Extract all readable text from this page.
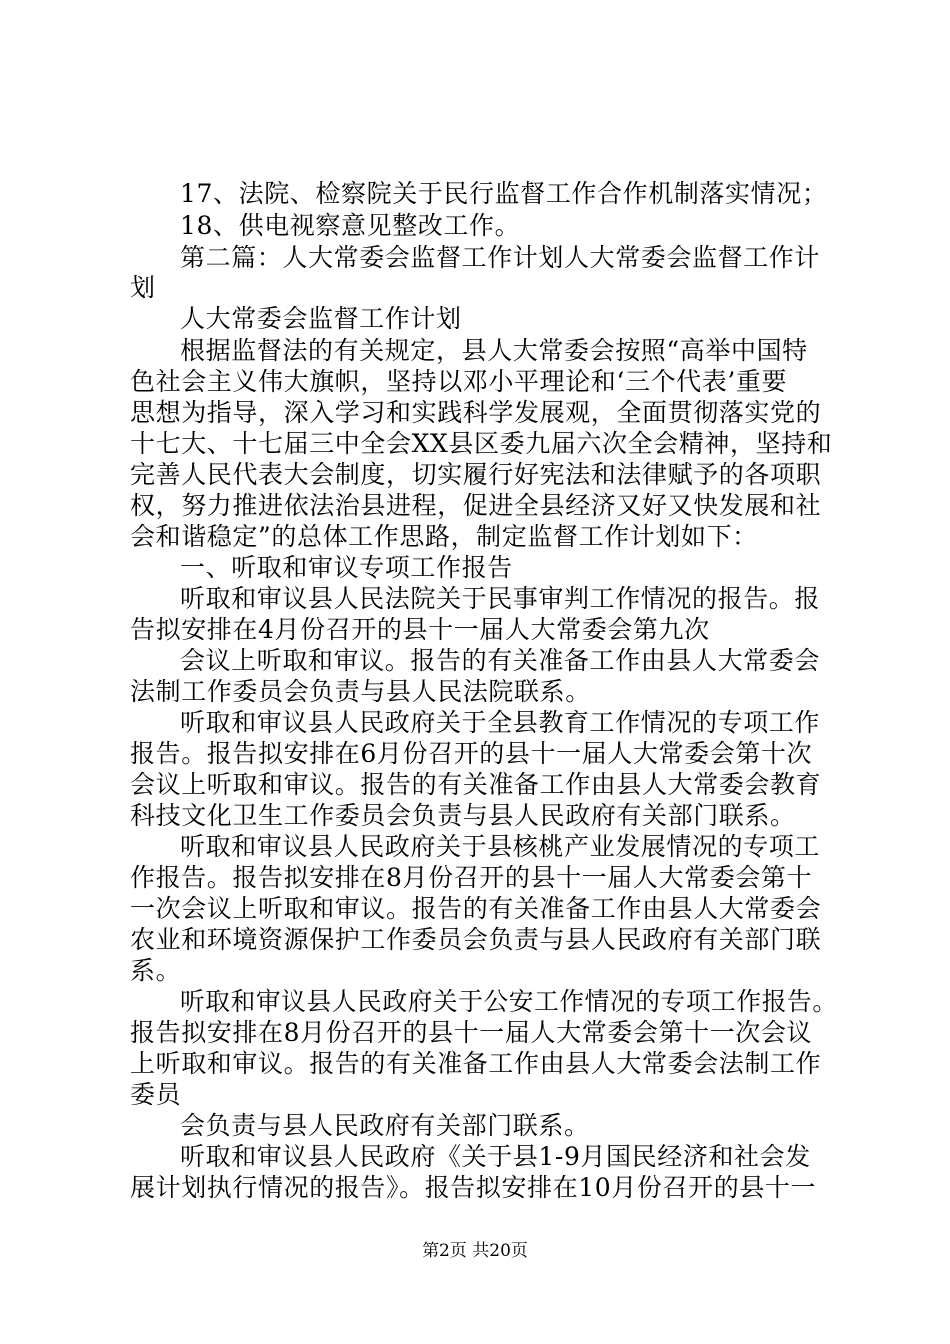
17、法院、检察院关于民行监督工作合作机制落实情况；
18、供电视察意见整改工作。
第二篇：人大常委会监督工作计划人大常委会监督工作计
划
人大常委会监督工作计划
根据监督法的有关规定，县人大常委会按照“高举中国特
色社会主义伟大旗帜，坚持以邓小平理论和‘三个代表’重要
思想为指导，深入学习和实践科学发展观，全面贯彻落实党的
十七大、十七届三中全会XX县区委九届六次全会精神，坚持和
完善人民代表大会制度，切实履行好宪法和法律赋予的各项职
权，努力推进依法治县进程，促进全县经济又好又快发展和社
会和谐稳定”的总体工作思路，制定监督工作计划如下：
一、听取和审议专项工作报告
听取和审议县人民法院关于民事审判工作情况的报告。报
告拟安排在4月份召开的县十一届人大常委会第九次
会议上听取和审议。报告的有关准备工作由县人大常委会
法制工作委员会负责与县人民法院联系。
听取和审议县人民政府关于全县教育工作情况的专项工作
报告。报告拟安排在6月份召开的县十一届人大常委会第十次
会议上听取和审议。报告的有关准备工作由县人大常委会教育
科技文化卫生工作委员会负责与县人民政府有关部门联系。
听取和审议县人民政府关于县核桃产业发展情况的专项工
作报告。报告拟安排在8月份召开的县十一届人大常委会第十
一次会议上听取和审议。报告的有关准备工作由县人大常委会
农业和环境资源保护工作委员会负责与县人民政府有关部门联
系。
听取和审议县人民政府关于公安工作情况的专项工作报告。
报告拟安排在8月份召开的县十一届人大常委会第十一次会议
上听取和审议。报告的有关准备工作由县人大常委会法制工作
委员
会负责与县人民政府有关部门联系。
听取和审议县人民政府《关于县1-9月国民经济和社会发
展计划执行情况的报告》。报告拟安排在10月份召开的县十一
第2页 共20页
